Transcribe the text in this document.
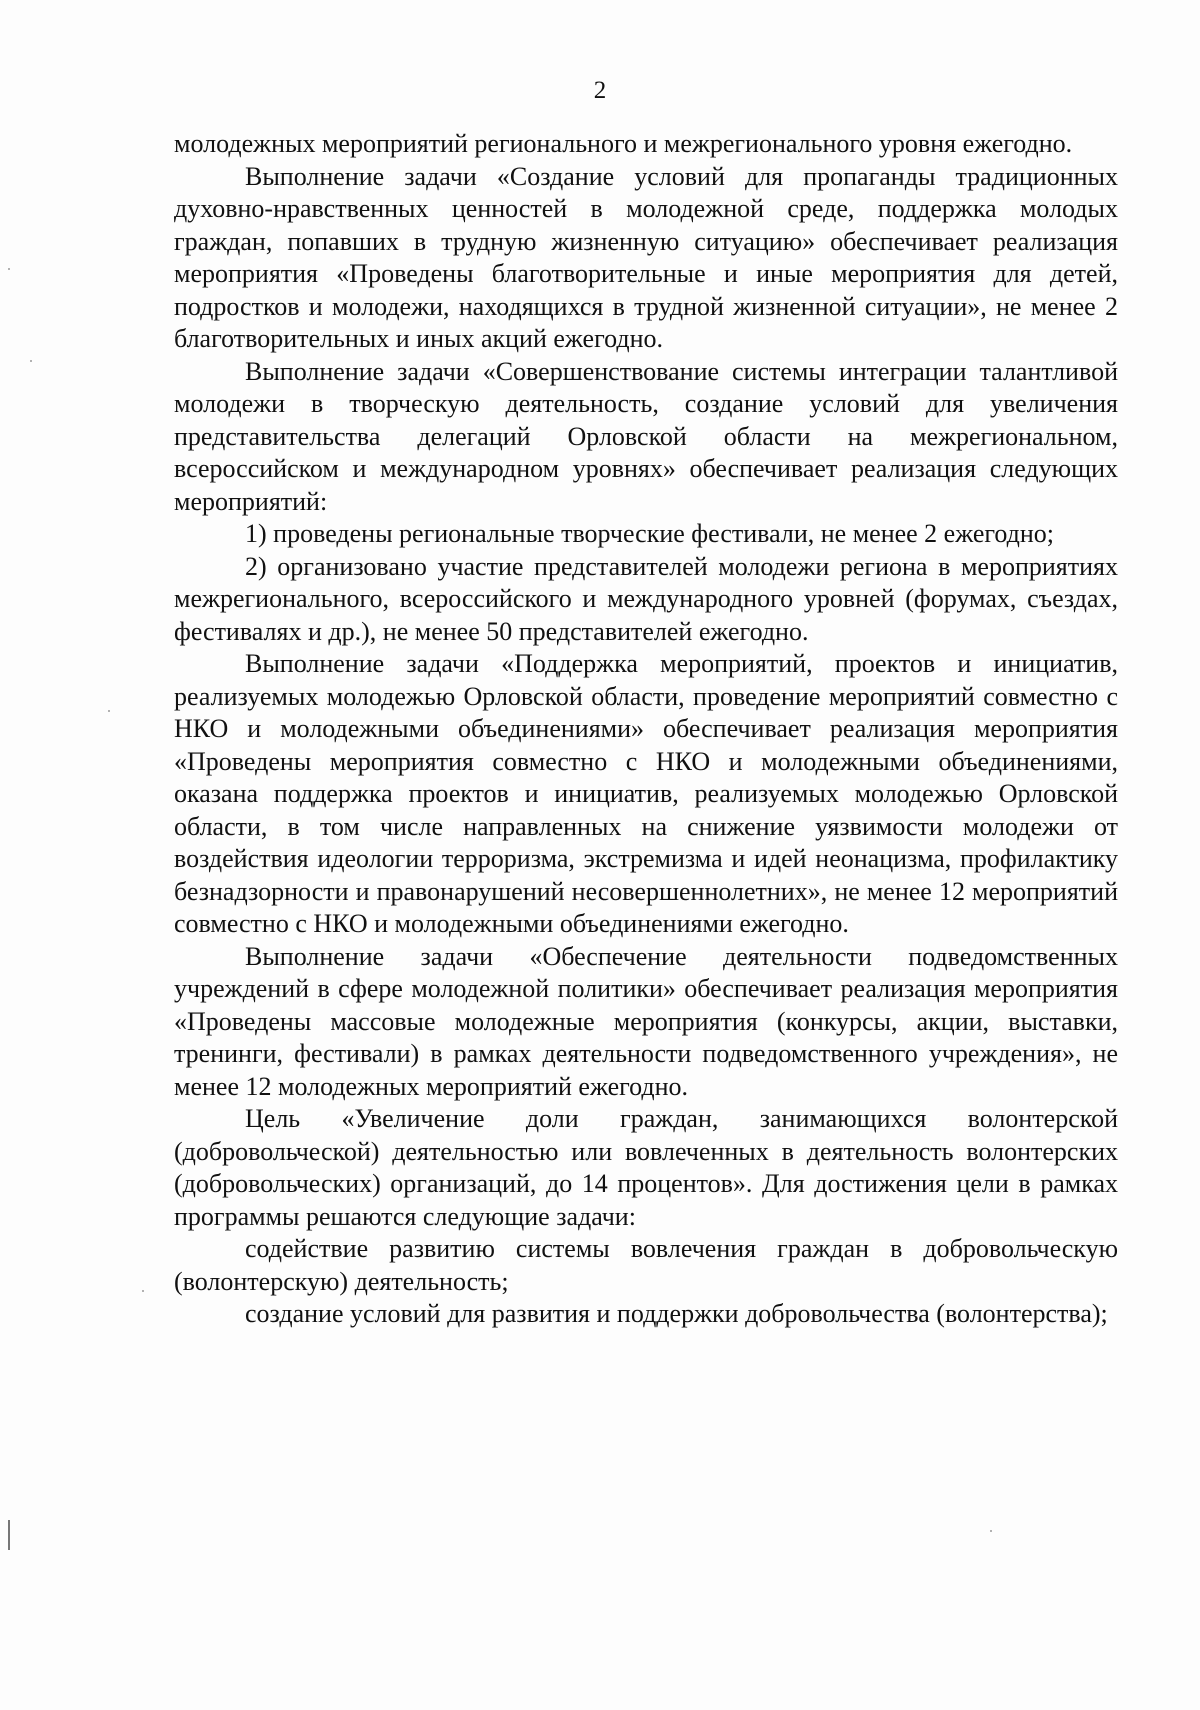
2

молодежных мероприятий регионального и межрегионального уровня ежегодно.

Выполнение задачи «Создание условий для пропаганды традиционных духовно-нравственных ценностей в молодежной среде, поддержка молодых граждан, попавших в трудную жизненную ситуацию» обеспечивает реализация мероприятия «Проведены благотворительные и иные мероприятия для детей, подростков и молодежи, находящихся в трудной жизненной ситуации», не менее 2 благотворительных и иных акций ежегодно.

Выполнение задачи «Совершенствование системы интеграции талантливой молодежи в творческую деятельность, создание условий для увеличения представительства делегаций Орловской области на межрегиональном, всероссийском и международном уровнях» обеспечивает реализация следующих мероприятий:

1) проведены региональные творческие фестивали, не менее 2 ежегодно;

2) организовано участие представителей молодежи региона в мероприятиях межрегионального, всероссийского и международного уровней (форумах, съездах, фестивалях и др.), не менее 50 представителей ежегодно.

Выполнение задачи «Поддержка мероприятий, проектов и инициатив, реализуемых молодежью Орловской области, проведение мероприятий совместно с НКО и молодежными объединениями» обеспечивает реализация мероприятия «Проведены мероприятия совместно с НКО и молодежными объединениями, оказана поддержка проектов и инициатив, реализуемых молодежью Орловской области, в том числе направленных на снижение уязвимости молодежи от воздействия идеологии терроризма, экстремизма и идей неонацизма, профилактику безнадзорности и правонарушений несовершеннолетних», не менее 12 мероприятий совместно с НКО и молодежными объединениями ежегодно.

Выполнение задачи «Обеспечение деятельности подведомственных учреждений в сфере молодежной политики» обеспечивает реализация мероприятия «Проведены массовые молодежные мероприятия (конкурсы, акции, выставки, тренинги, фестивали) в рамках деятельности подведомственного учреждения», не менее 12 молодежных мероприятий ежегодно.

Цель «Увеличение доли граждан, занимающихся волонтерской (добровольческой) деятельностью или вовлеченных в деятельность волонтерских (добровольческих) организаций, до 14 процентов». Для достижения цели в рамках программы решаются следующие задачи:

содействие развитию системы вовлечения граждан в добровольческую (волонтерскую) деятельность;

создание условий для развития и поддержки добровольчества (волонтерства);
